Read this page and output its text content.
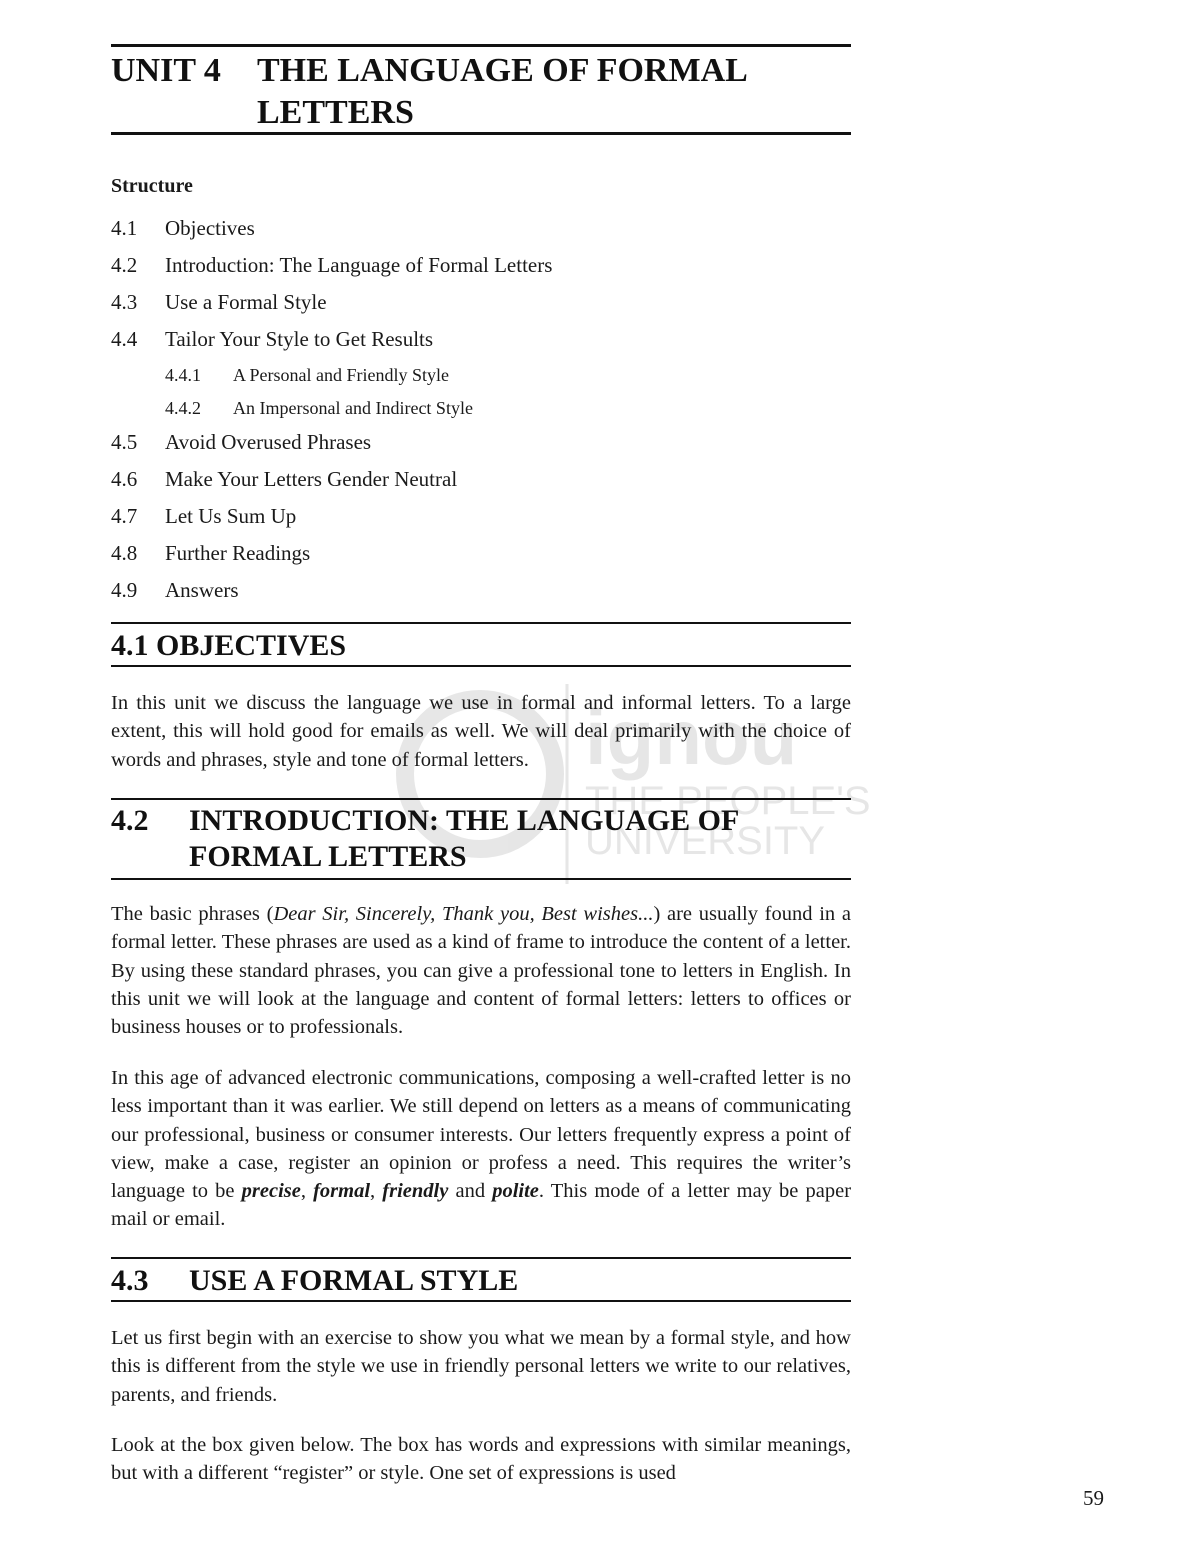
ignou
THE PEOPLE'S
UNIVERSITY
UNIT 4 THE LANGUAGE OF FORMAL
LETTERS
Structure
4.1 Objectives
4.2 Introduction: The Language of Formal Letters
4.3 Use a Formal Style
4.4 Tailor Your Style to Get Results
4.4.1 A Personal and Friendly Style
4.4.2 An Impersonal and Indirect Style
4.5 Avoid Overused Phrases
4.6 Make Your Letters Gender Neutral
4.7 Let Us Sum Up
4.8 Further Readings
4.9 Answers
4.1 OBJECTIVES
In this unit we discuss the language we use in formal and informal letters. To a large extent, this will hold good for emails as well. We will deal primarily with the choice of words and phrases, style and tone of formal letters.
4.2 INTRODUCTION: THE LANGUAGE OF
FORMAL LETTERS
The basic phrases (Dear Sir, Sincerely, Thank you, Best wishes...) are usually found in a formal letter. These phrases are used as a kind of frame to introduce the content of a letter. By using these standard phrases, you can give a professional tone to letters in English. In this unit we will look at the language and content of formal letters: letters to offices or business houses or to professionals.
In this age of advanced electronic communications, composing a well-crafted letter is no less important than it was earlier. We still depend on letters as a means of communicating our professional, business or consumer interests. Our letters frequently express a point of view, make a case, register an opinion or profess a need. This requires the writer’s language to be precise, formal, friendly and polite. This mode of a letter may be paper mail or email.
4.3 USE A FORMAL STYLE
Let us first begin with an exercise to show you what we mean by a formal style, and how this is different from the style we use in friendly personal letters we write to our relatives, parents, and friends.
Look at the box given below. The box has words and expressions with similar meanings, but with a different “register” or style. One set of expressions is used
59
